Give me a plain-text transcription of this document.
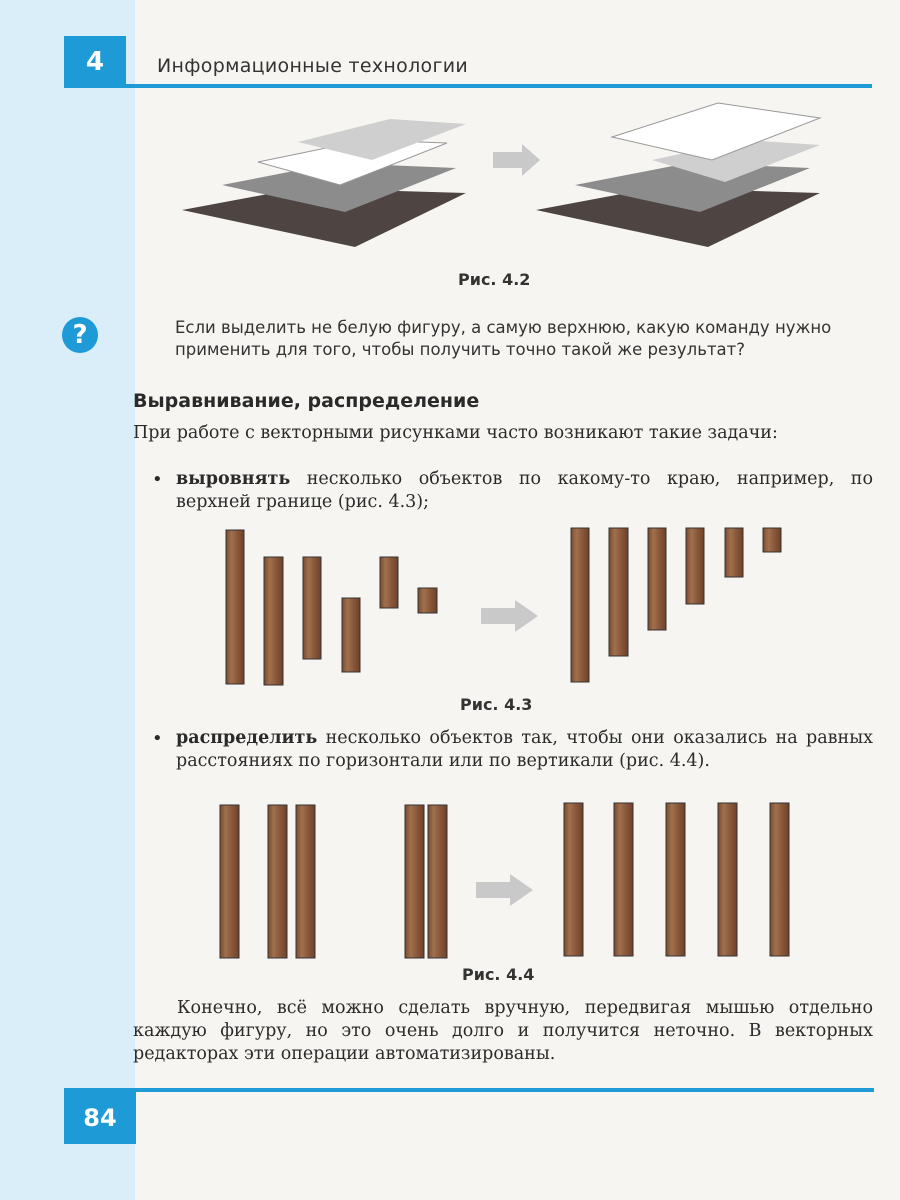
4	Информационные технологии
Рис. 4.2
?	Если выделить не белую фигуру, а самую верхнюю, какую команду нужно применить для того, чтобы получить точно такой же результат?
Выравнивание, распределение
При работе с векторными рисунками часто возникают такие задачи:
• выровнять несколько объектов по какому-то краю, например, по верхней границе (рис. 4.3);
Рис. 4.3
• распределить несколько объектов так, чтобы они оказались на равных расстояниях по горизонтали или по вертикали (рис. 4.4).
Рис. 4.4
Конечно, всё можно сделать вручную, передвигая мышью отдельно каждую фигуру, но это очень долго и получится неточно. В векторных редакторах эти операции автоматизированы.
84
